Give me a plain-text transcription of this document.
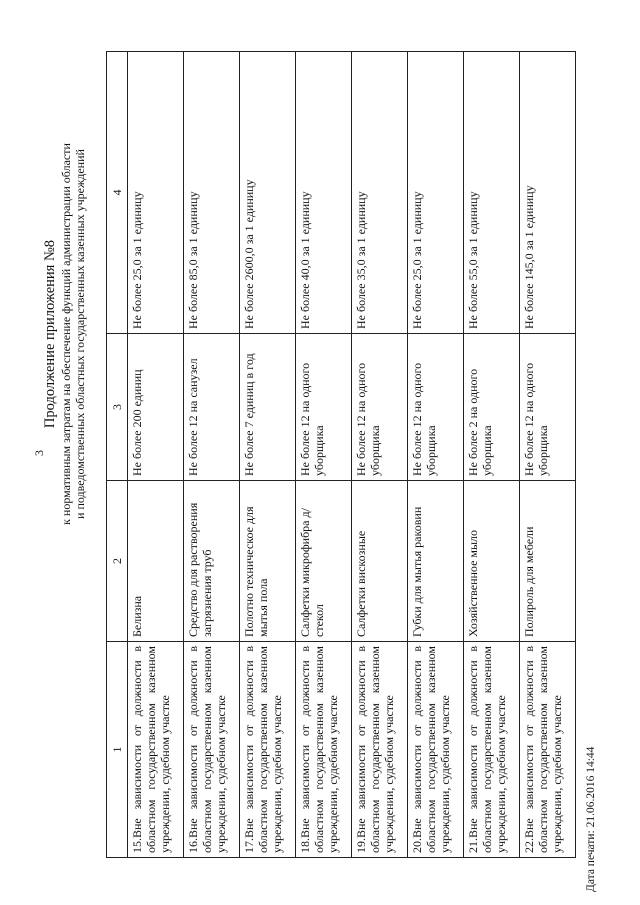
3
Продолжение приложения №8 к нормативным затратам на обеспечение функций администрации области и подведомственных областных государственных казенных учреждений
1	2	3	4
15.Вне зависимости от должности в областном государственном казенном учреждении, судебном участке	Белизна	Не более 200 единиц	Не более 25,0 за 1 единицу
16.Вне зависимости от должности в областном государственном казенном учреждении, судебном участке	Средство для растворения загрязнения труб	Не более 12 на санузел	Не более 85,0 за 1 единицу
17.Вне зависимости от должности в областном государственном казенном учреждении, судебном участке	Полотно техническое для мытья пола	Не более 7 единиц в год	Не более 2600,0 за 1 единицу
18.Вне зависимости от должности в областном государственном казенном учреждении, судебном участке	Салфетки микрофибра д/стекол	Не более 12 на одного уборщика	Не более 40,0 за 1 единицу
19.Вне зависимости от должности в областном государственном казенном учреждении, судебном участке	Салфетки вискозные	Не более 12 на одного уборщика	Не более 35,0 за 1 единицу
20.Вне зависимости от должности в областном государственном казенном учреждении, судебном участке	Губки для мытья раковин	Не более 12 на одного уборщика	Не более 25,0 за 1 единицу
21.Вне зависимости от должности в областном государственном казенном учреждении, судебном участке	Хозяйственное мыло	Не более 2 на одного уборщика	Не более 55,0 за 1 единицу
22.Вне зависимости от должности в областном государственном казенном учреждении, судебном участке	Полироль для мебели	Не более 12 на одного уборщика	Не более 145,0 за 1 единицу
Дата печати: 21.06.2016 14:44
